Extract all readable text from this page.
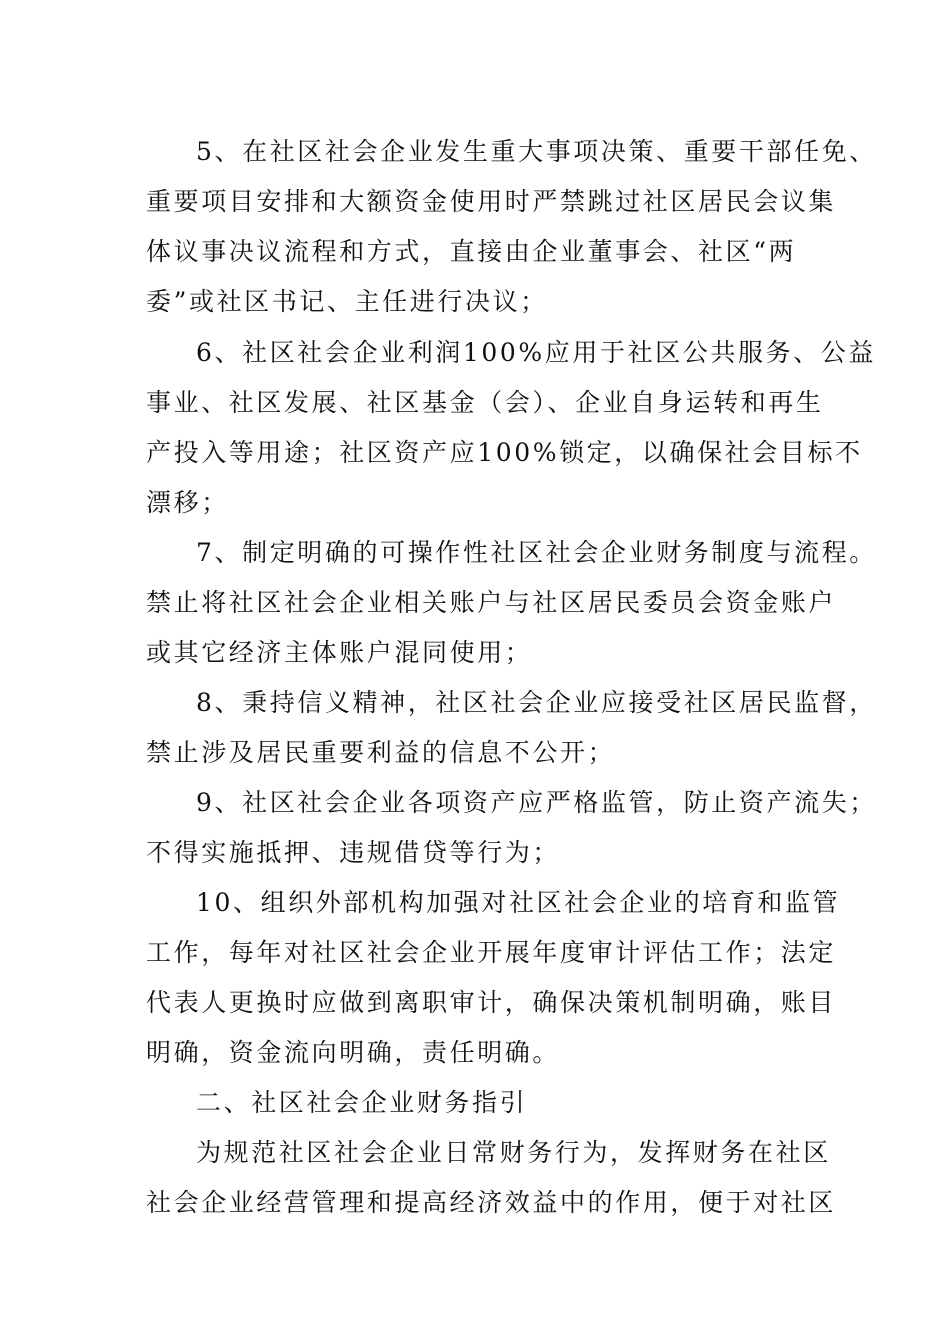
5、在社区社会企业发生重大事项决策、重要干部任免、
重要项目安排和大额资金使用时严禁跳过社区居民会议集
体议事决议流程和方式，直接由企业董事会、社区“两
委”或社区书记、主任进行决议；
6、社区社会企业利润100%应用于社区公共服务、公益
事业、社区发展、社区基金（会）、企业自身运转和再生
产投入等用途；社区资产应100%锁定，以确保社会目标不
漂移；
7、制定明确的可操作性社区社会企业财务制度与流程。
禁止将社区社会企业相关账户与社区居民委员会资金账户
或其它经济主体账户混同使用；
8、秉持信义精神，社区社会企业应接受社区居民监督，
禁止涉及居民重要利益的信息不公开；
9、社区社会企业各项资产应严格监管，防止资产流失；
不得实施抵押、违规借贷等行为；
10、组织外部机构加强对社区社会企业的培育和监管
工作，每年对社区社会企业开展年度审计评估工作；法定
代表人更换时应做到离职审计，确保决策机制明确，账目
明确，资金流向明确，责任明确。
二、社区社会企业财务指引
为规范社区社会企业日常财务行为，发挥财务在社区
社会企业经营管理和提高经济效益中的作用，便于对社区
